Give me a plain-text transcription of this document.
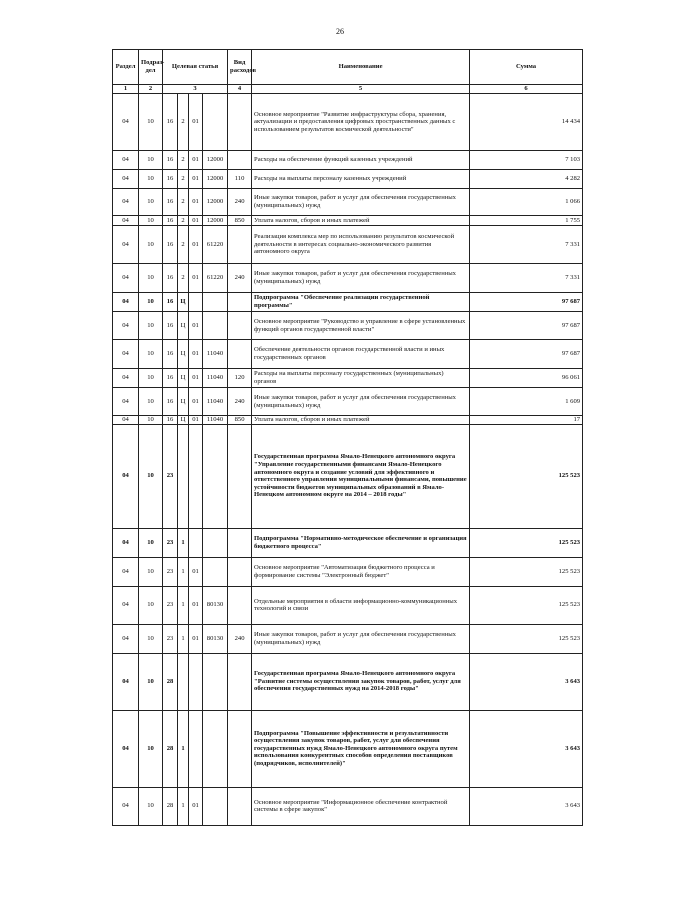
26
Раздел	Подраз-дел	Целевая статья				Вид расходов	Наименование	Сумма
1	2	3				4	5	6
04	10	16	2	01			Основное мероприятие "Развитие инфраструктуры сбора, хранения, актуализации и предоставления цифровых пространственных данных с использованием результатов космической деятельности"	14 434
04	10	16	2	01	12000		Расходы на обеспечение функций казенных учреждений	7 103
04	10	16	2	01	12000	110	Расходы на выплаты персоналу казенных учреждений	4 282
04	10	16	2	01	12000	240	Иные закупки товаров, работ и услуг для обеспечения государственных (муниципальных) нужд	1 066
04	10	16	2	01	12000	850	Уплата налогов, сборов и иных платежей	1 755
04	10	16	2	01	61220		Реализация комплекса мер по использованию результатов космической деятельности в интересах социально-экономического развития автономного округа	7 331
04	10	16	2	01	61220	240	Иные закупки товаров, работ и услуг для обеспечения государственных (муниципальных) нужд	7 331
04	10	16	Ц				Подпрограмма "Обеспечение реализации государственной программы"	97 687
04	10	16	Ц	01			Основное мероприятие "Руководство и управление в сфере установленных функций органов государственной власти"	97 687
04	10	16	Ц	01	11040		Обеспечение деятельности органов государственной власти и иных государственных органов	97 687
04	10	16	Ц	01	11040	120	Расходы на выплаты персоналу государственных (муниципальных) органов	96 061
04	10	16	Ц	01	11040	240	Иные закупки товаров, работ и услуг для обеспечения государственных (муниципальных) нужд	1 609
04	10	16	Ц	01	11040	850	Уплата налогов, сборов и иных платежей	17
04	10	23					Государственная программа Ямало-Ненецкого автономного округа "Управление государственными финансами Ямало-Ненецкого автономного округа и создание условий для эффективного и ответственного управления муниципальными финансами, повышение устойчивости бюджетов муниципальных образований в Ямало-Ненецком автономном округе на 2014 – 2018 годы"	125 523
04	10	23	1				Подпрограмма "Нормативно-методическое обеспечение и организация бюджетного процесса"	125 523
04	10	23	1	01			Основное мероприятие "Автоматизация бюджетного процесса и формирование системы "Электронный бюджет"	125 523
04	10	23	1	01	80130		Отдельные мероприятия в области информационно-коммуникационных технологий и связи	125 523
04	10	23	1	01	80130	240	Иные закупки товаров, работ и услуг для обеспечения государственных (муниципальных) нужд	125 523
04	10	28					Государственная программа Ямало-Ненецкого автономного округа "Развитие системы осуществления закупок товаров, работ, услуг для обеспечения государственных нужд на 2014-2018 годы"	3 643
04	10	28	1				Подпрограмма "Повышение эффективности и результативности осуществления закупок товаров, работ, услуг для обеспечения государственных нужд Ямало-Ненецкого автономного округа путем использования конкурентных способов определения поставщиков (подрядчиков, исполнителей)"	3 643
04	10	28	1	01			Основное мероприятие "Информационное обеспечение контрактной системы в сфере закупок"	3 643
